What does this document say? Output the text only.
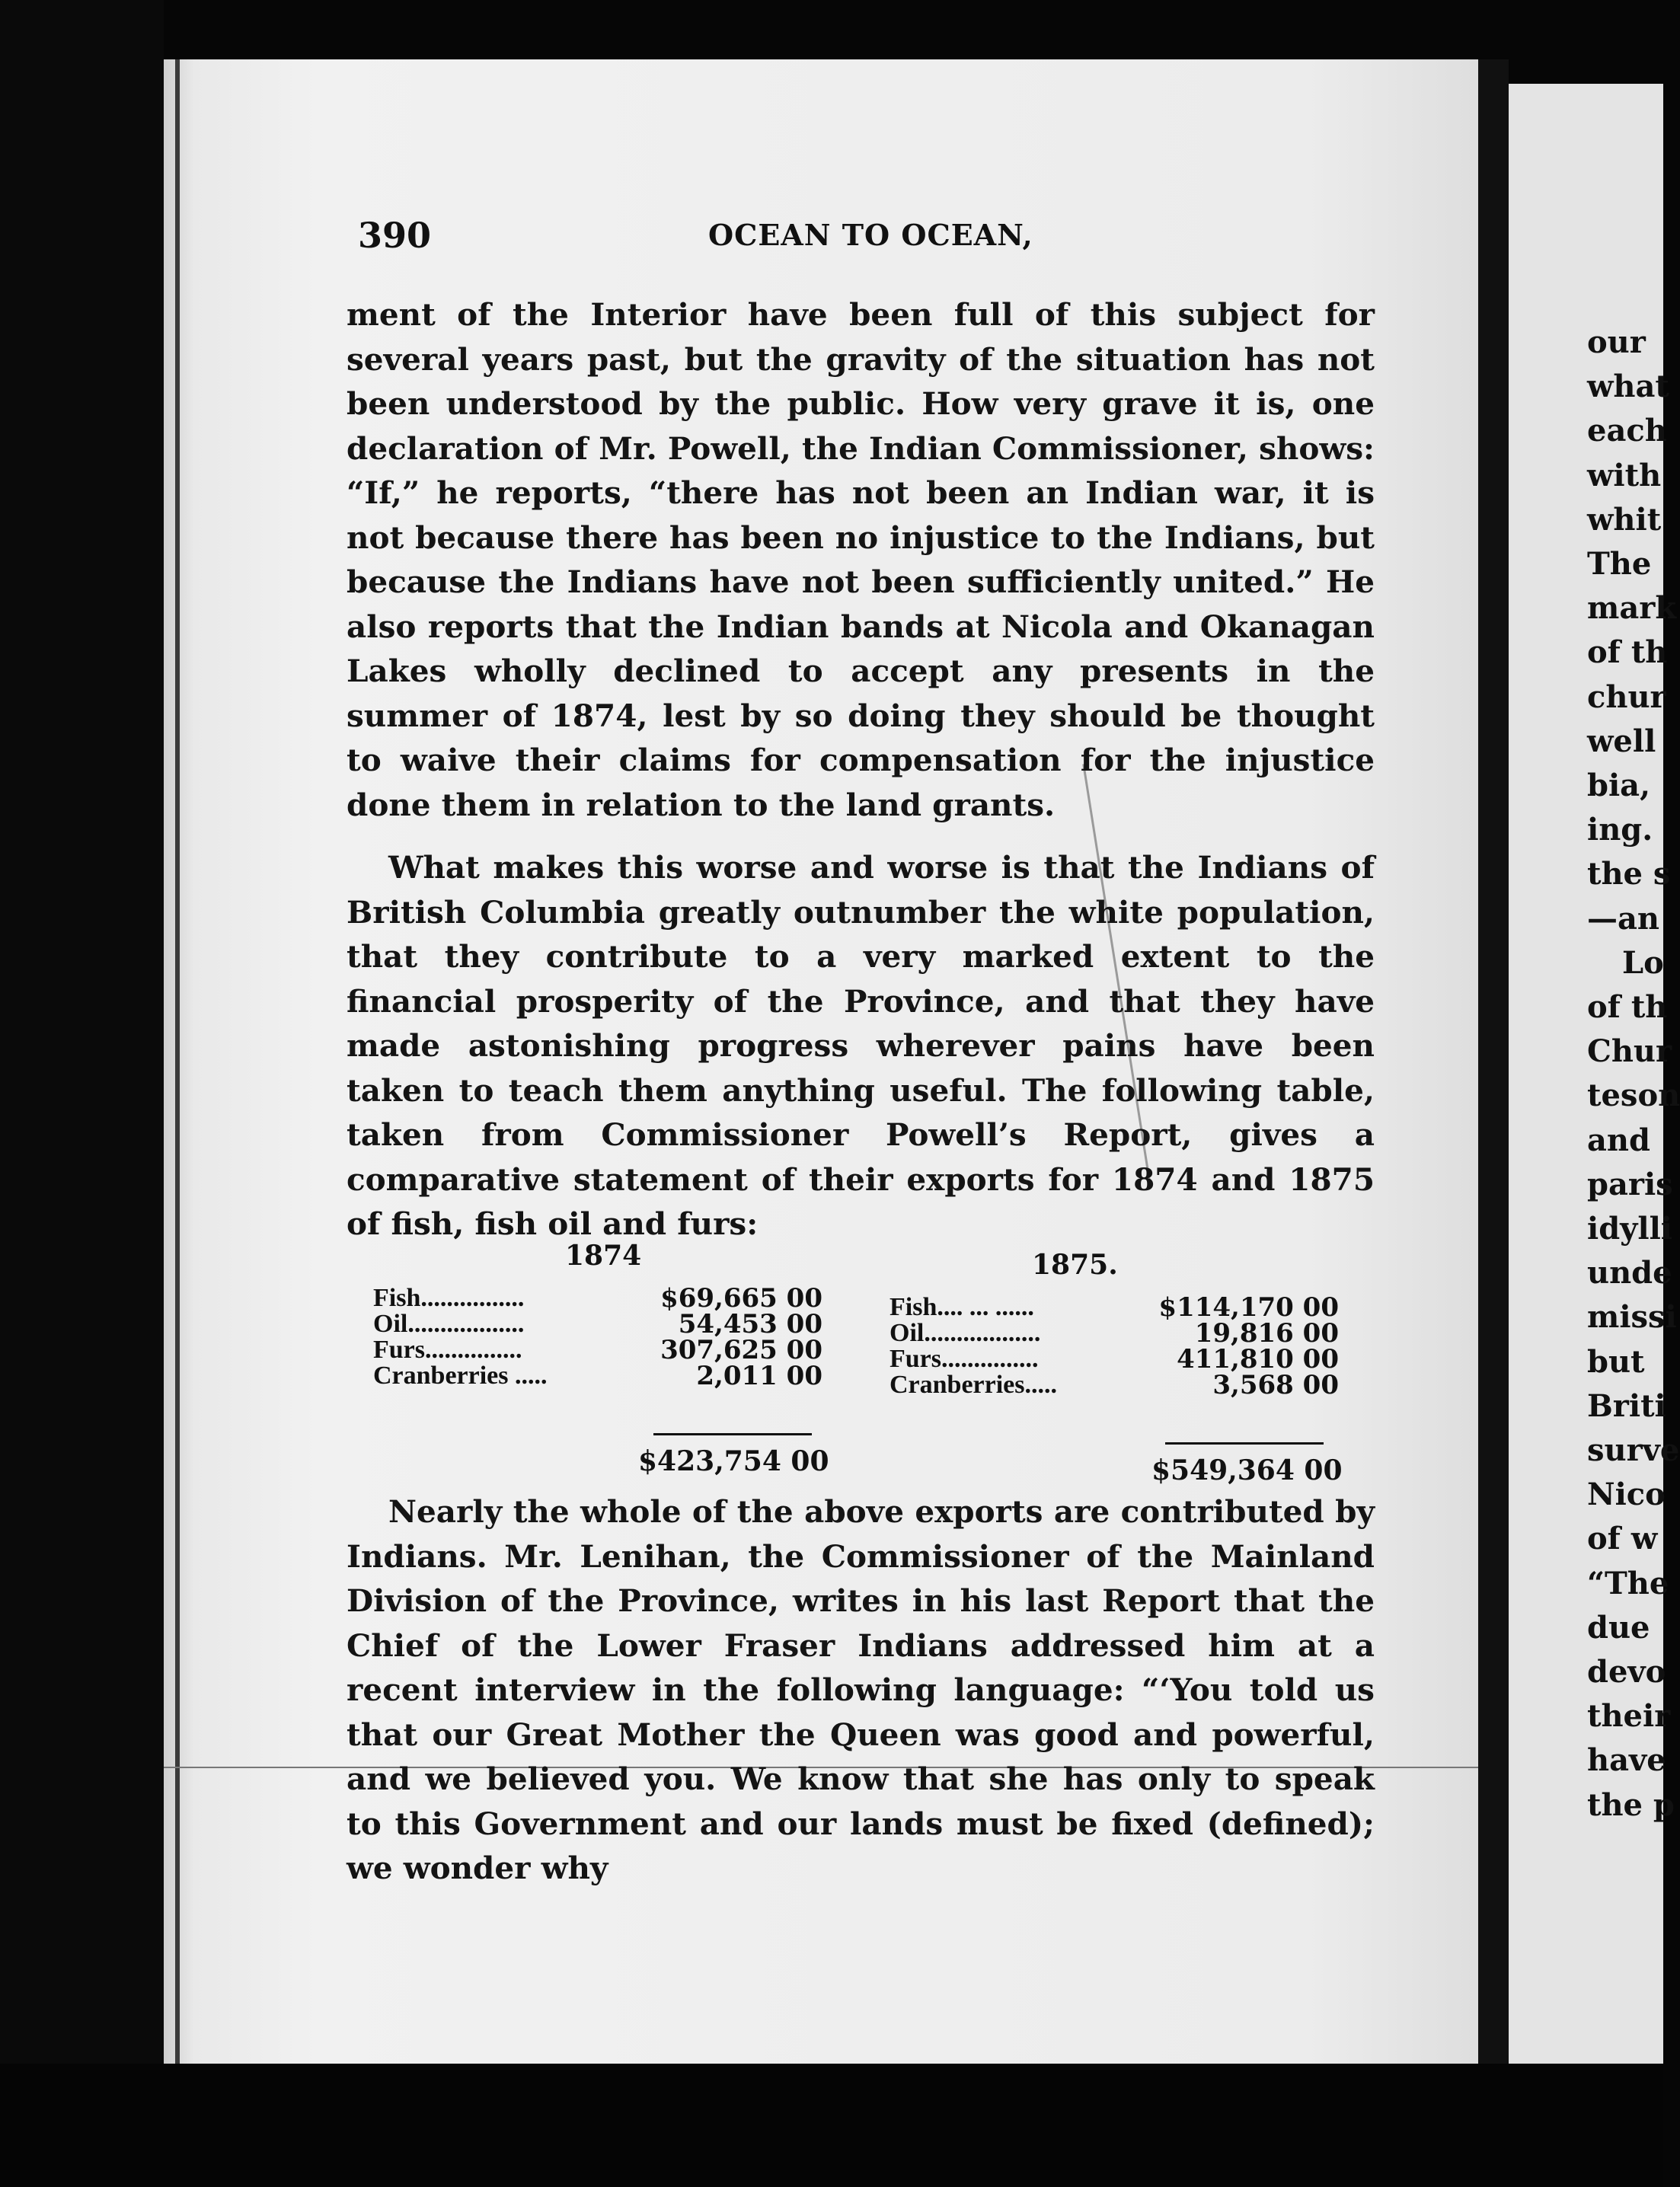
390	OCEAN TO OCEAN,

ment of the Interior have been full of this subject for several years past, but the gravity of the situation has not been understood by the public. How very grave it is, one declaration of Mr. Powell, the Indian Commissioner, shows: “If,” he reports, “there has not been an Indian war, it is not because there has been no injustice to the Indians, but because the Indians have not been sufficiently united.” He also reports that the Indian bands at Nicola and Okanagan Lakes wholly declined to accept any presents in the summer of 1874, lest by so doing they should be thought to waive their claims for compensation for the injustice done them in relation to the land grants.

What makes this worse and worse is that the Indians of British Columbia greatly outnumber the white population, that they contribute to a very marked extent to the financial prosperity of the Province, and that they have made astonishing progress wherever pains have been taken to teach them anything useful. The following table, taken from Commissioner Powell’s Report, gives a comparative statement of their exports for 1874 and 1875 of fish, fish oil and furs:

1874	1875.
Fish................	$69,665 00
Oil..................	54,453 00
Furs...............	307,625 00
Cranberries .....	2,011 00
Fish.... ... ......	$114,170 00
Oil..................	19,816 00
Furs...............	411,810 00
Cranberries.....	3,568 00
$423,754 00	$549,364 00

Nearly the whole of the above exports are contributed by Indians. Mr. Lenihan, the Commissioner of the Mainland Division of the Province, writes in his last Report that the Chief of the Lower Fraser Indians addressed him at a recent interview in the following language: “‘You told us that our Great Mother the Queen was good and powerful, and we believed you. We know that she has only to speak to this Government and our lands must be fixed (defined); we wonder why

our
what
each
with
whit
The
mark
of th
chur
well
bia,
ing.
the s
—an
Lo
of th
Chur
teson
and
paris
idylli
unde
missi
but
Briti
surve
Nico
of w
“The
due
devo
their
have
the p
